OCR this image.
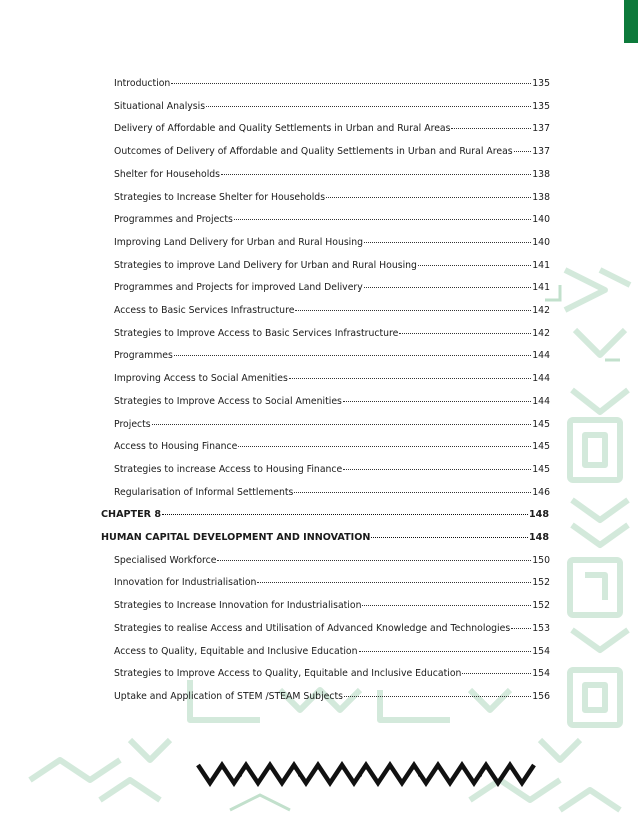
Introduction	135
Situational Analysis	135
Delivery of Affordable and Quality Settlements in Urban and Rural Areas	137
Outcomes of Delivery of Affordable and Quality Settlements in Urban and Rural Areas 137
Shelter for Households	138
Strategies to Increase Shelter for Households	138
Programmes and Projects	140
Improving Land Delivery for Urban and Rural Housing	140
Strategies to improve Land Delivery for Urban and Rural Housing	141
Programmes and Projects for improved Land Delivery	141
Access to Basic Services Infrastructure	142
Strategies to Improve Access to Basic Services Infrastructure	142
Programmes	144
Improving Access to Social Amenities	144
Strategies to Improve Access to Social Amenities	144
Projects	145
Access to Housing Finance	145
Strategies to increase Access to Housing Finance	145
Regularisation of Informal Settlements	146
CHAPTER 8	148
HUMAN CAPITAL DEVELOPMENT AND INNOVATION	148
Specialised Workforce	150
Innovation for Industrialisation	152
Strategies to Increase Innovation for Industrialisation	152
Strategies to realise Access and Utilisation of Advanced Knowledge and Technologies 153
Access to Quality, Equitable and Inclusive Education	154
Strategies to Improve Access to Quality, Equitable and Inclusive Education	154
Uptake and Application of STEM /STEAM Subjects	156
